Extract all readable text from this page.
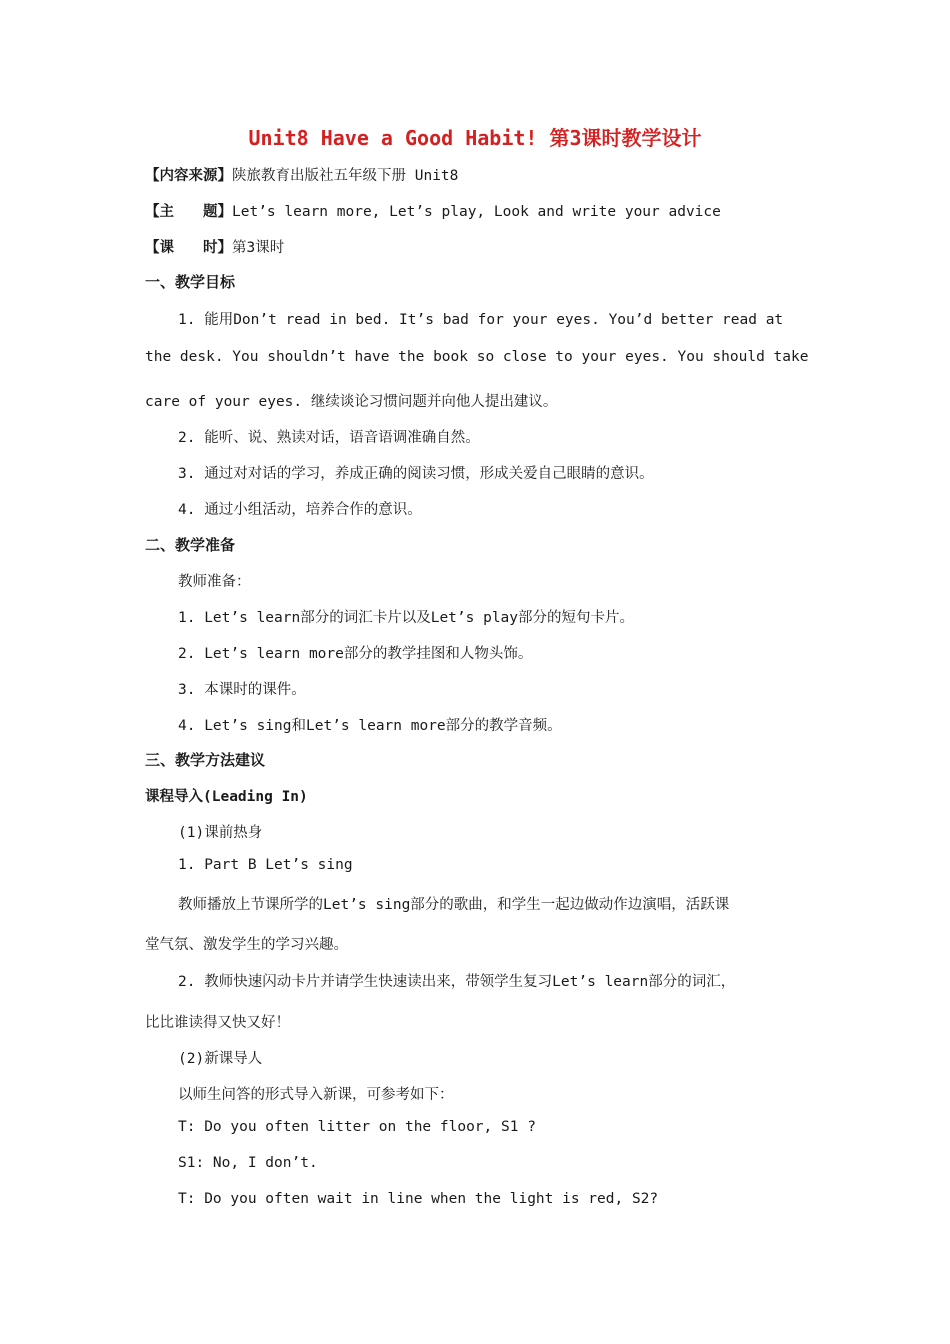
Unit8 Have a Good Habit! 第3课时教学设计
【内容来源】陕旅教育出版社五年级下册 Unit8
【主　　题】Let’s learn more, Let’s play, Look and write your advice
【课　　时】第3课时
一、教学目标
1. 能用Don’t read in bed. It’s bad for your eyes. You’d better read at
the desk. You shouldn’t have the book so close to your eyes. You should take
care of your eyes. 继续谈论习惯问题并向他人提出建议。
2. 能听、说、熟读对话，语音语调准确自然。
3. 通过对对话的学习，养成正确的阅读习惯，形成关爱自己眼睛的意识。
4. 通过小组活动，培养合作的意识。
二、教学准备
教师准备：
1. Let’s learn部分的词汇卡片以及Let’s play部分的短句卡片。
2. Let’s learn more部分的教学挂图和人物头饰。
3. 本课时的课件。
4. Let’s sing和Let’s learn more部分的教学音频。
三、教学方法建议
课程导入(Leading In)
(1)课前热身
1. Part B Let’s sing
教师播放上节课所学的Let’s sing部分的歌曲，和学生一起边做动作边演唱，活跃课
堂气氛、激发学生的学习兴趣。
2. 教师快速闪动卡片并请学生快速读出来，带领学生复习Let’s learn部分的词汇，
比比谁读得又快又好！
(2)新课导人
以师生问答的形式导入新课，可参考如下：
T: Do you often litter on the floor, S1 ?
S1: No, I don’t.
T: Do you often wait in line when the light is red, S2?
